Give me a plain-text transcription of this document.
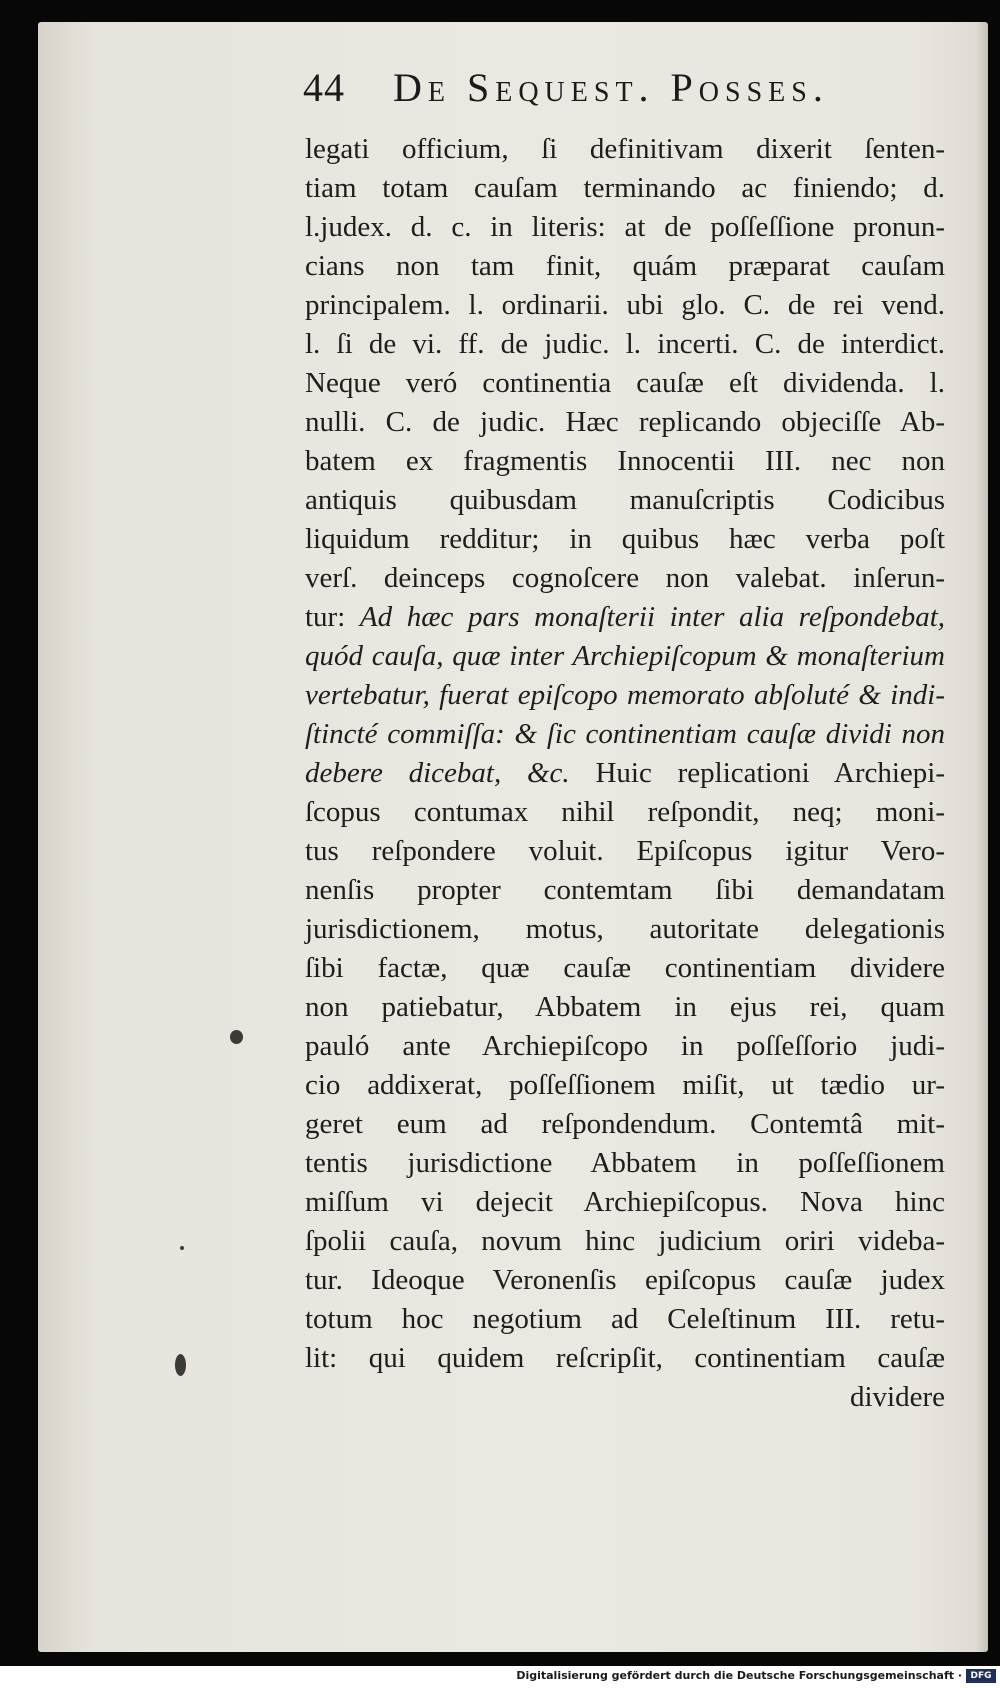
44 De Sequest. Posses.
legati officium, ſi definitivam dixerit ſenten-
tiam totam cauſam terminando ac finiendo; d.
l.judex. d. c. in literis: at de poſſeſſione pronun-
cians non tam finit, quám præparat cauſam
principalem. l. ordinarii. ubi glo. C. de rei vend.
l. ſi de vi. ff. de judic. l. incerti. C. de interdict.
Neque veró continentia cauſæ eſt dividenda. l.
nulli. C. de judic. Hæc replicando objeciſſe Ab-
batem ex fragmentis Innocentii III. nec non
antiquis quibusdam manuſcriptis Codicibus
liquidum redditur; in quibus hæc verba poſt
verſ. deinceps cognoſcere non valebat. inſerun-
tur: Ad hæc pars monaſterii inter alia reſpondebat,
quód cauſa, quæ inter Archiepiſcopum & monaſterium
vertebatur, fuerat epiſcopo memorato abſoluté & indi-
ſtincté commiſſa: & ſic continentiam cauſæ dividi non
debere dicebat, &c. Huic replicationi Archiepi-
ſcopus contumax nihil reſpondit, neq; moni-
tus reſpondere voluit. Epiſcopus igitur Vero-
nenſis propter contemtam ſibi demandatam
jurisdictionem, motus, autoritate delegationis
ſibi factæ, quæ cauſæ continentiam dividere
non patiebatur, Abbatem in ejus rei, quam
pauló ante Archiepiſcopo in poſſeſſorio judi-
cio addixerat, poſſeſſionem miſit, ut tædio ur-
geret eum ad reſpondendum. Contemtâ mit-
tentis jurisdictione Abbatem in poſſeſſionem
miſſum vi dejecit Archiepiſcopus. Nova hinc
ſpolii cauſa, novum hinc judicium oriri videba-
tur. Ideoque Veronenſis epiſcopus cauſæ judex
totum hoc negotium ad Celeſtinum III. retu-
lit: qui quidem reſcripſit, continentiam cauſæ
dividere
Digitalisierung gefördert durch die Deutsche Forschungsgemeinschaft · DFG
